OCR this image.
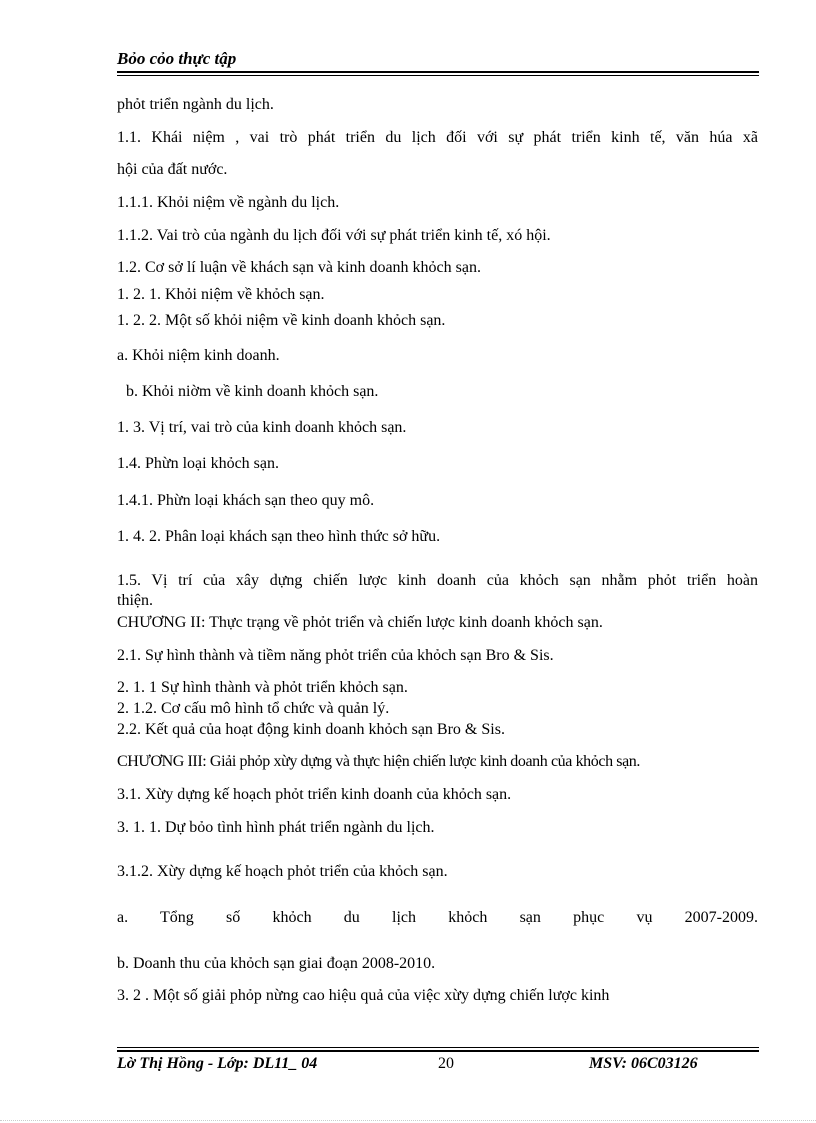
Bỏo cỏo thực tập
phỏt triển ngành du lịch.
1.1. Khái niệm , vai trò phát triển du lịch đối với sự phát triển kinh tế, văn húa xã
hội của đất nước.
1.1.1. Khỏi niệm về ngành du lịch.
1.1.2. Vai trò của ngành du lịch đối với sự phát triển kinh tế, xó hội.
1.2. Cơ sở lí luận về khách sạn và kinh doanh khỏch sạn.
1. 2. 1. Khỏi niệm về khỏch sạn.
1. 2. 2. Một số khỏi niệm về kinh doanh khỏch sạn.
a. Khỏi niệm kinh doanh.
b. Khỏi niờm về kinh doanh khỏch sạn.
1. 3. Vị trí, vai trò của kinh doanh khỏch sạn.
1.4. Phừn loại khỏch sạn.
1.4.1. Phừn loại khách sạn theo quy mô.
1. 4. 2. Phân loại khách sạn theo hình thức sở hữu.
1.5. Vị trí của xây dựng chiến lược kinh doanh của khỏch sạn nhằm phỏt triển hoàn
thiện.
CHƯƠNG II: Thực trạng về phỏt triển và chiến lược kinh doanh khỏch sạn.
2.1. Sự hình thành và tiềm năng phỏt triển của khỏch sạn Bro & Sis.
2. 1. 1 Sự hình thành và phỏt triển khỏch sạn.
2. 1.2. Cơ cấu mô hình tổ chức và quản lý.
2.2. Kết quả của hoạt động kinh doanh khỏch sạn Bro & Sis.
CHƯƠNG III: Giải phỏp xừy dựng và thực hiện chiến lược kinh doanh của khỏch sạn.
3.1. Xừy dựng kế hoạch phỏt triển kinh doanh của khỏch sạn.
3. 1. 1. Dự bỏo tình hình phát triển ngành du lịch.
3.1.2. Xừy dựng kế hoạch phỏt triển của khỏch sạn.
a. Tổng số khỏch du lịch khỏch sạn phục vụ 2007-2009.
b. Doanh thu của khỏch sạn giai đoạn 2008-2010.
3. 2 . Một số giải phỏp nừng cao hiệu quả của việc xừy dựng chiến lược kinh
Lờ Thị Hồng - Lớp: DL11_ 04	20	MSV: 06C03126
